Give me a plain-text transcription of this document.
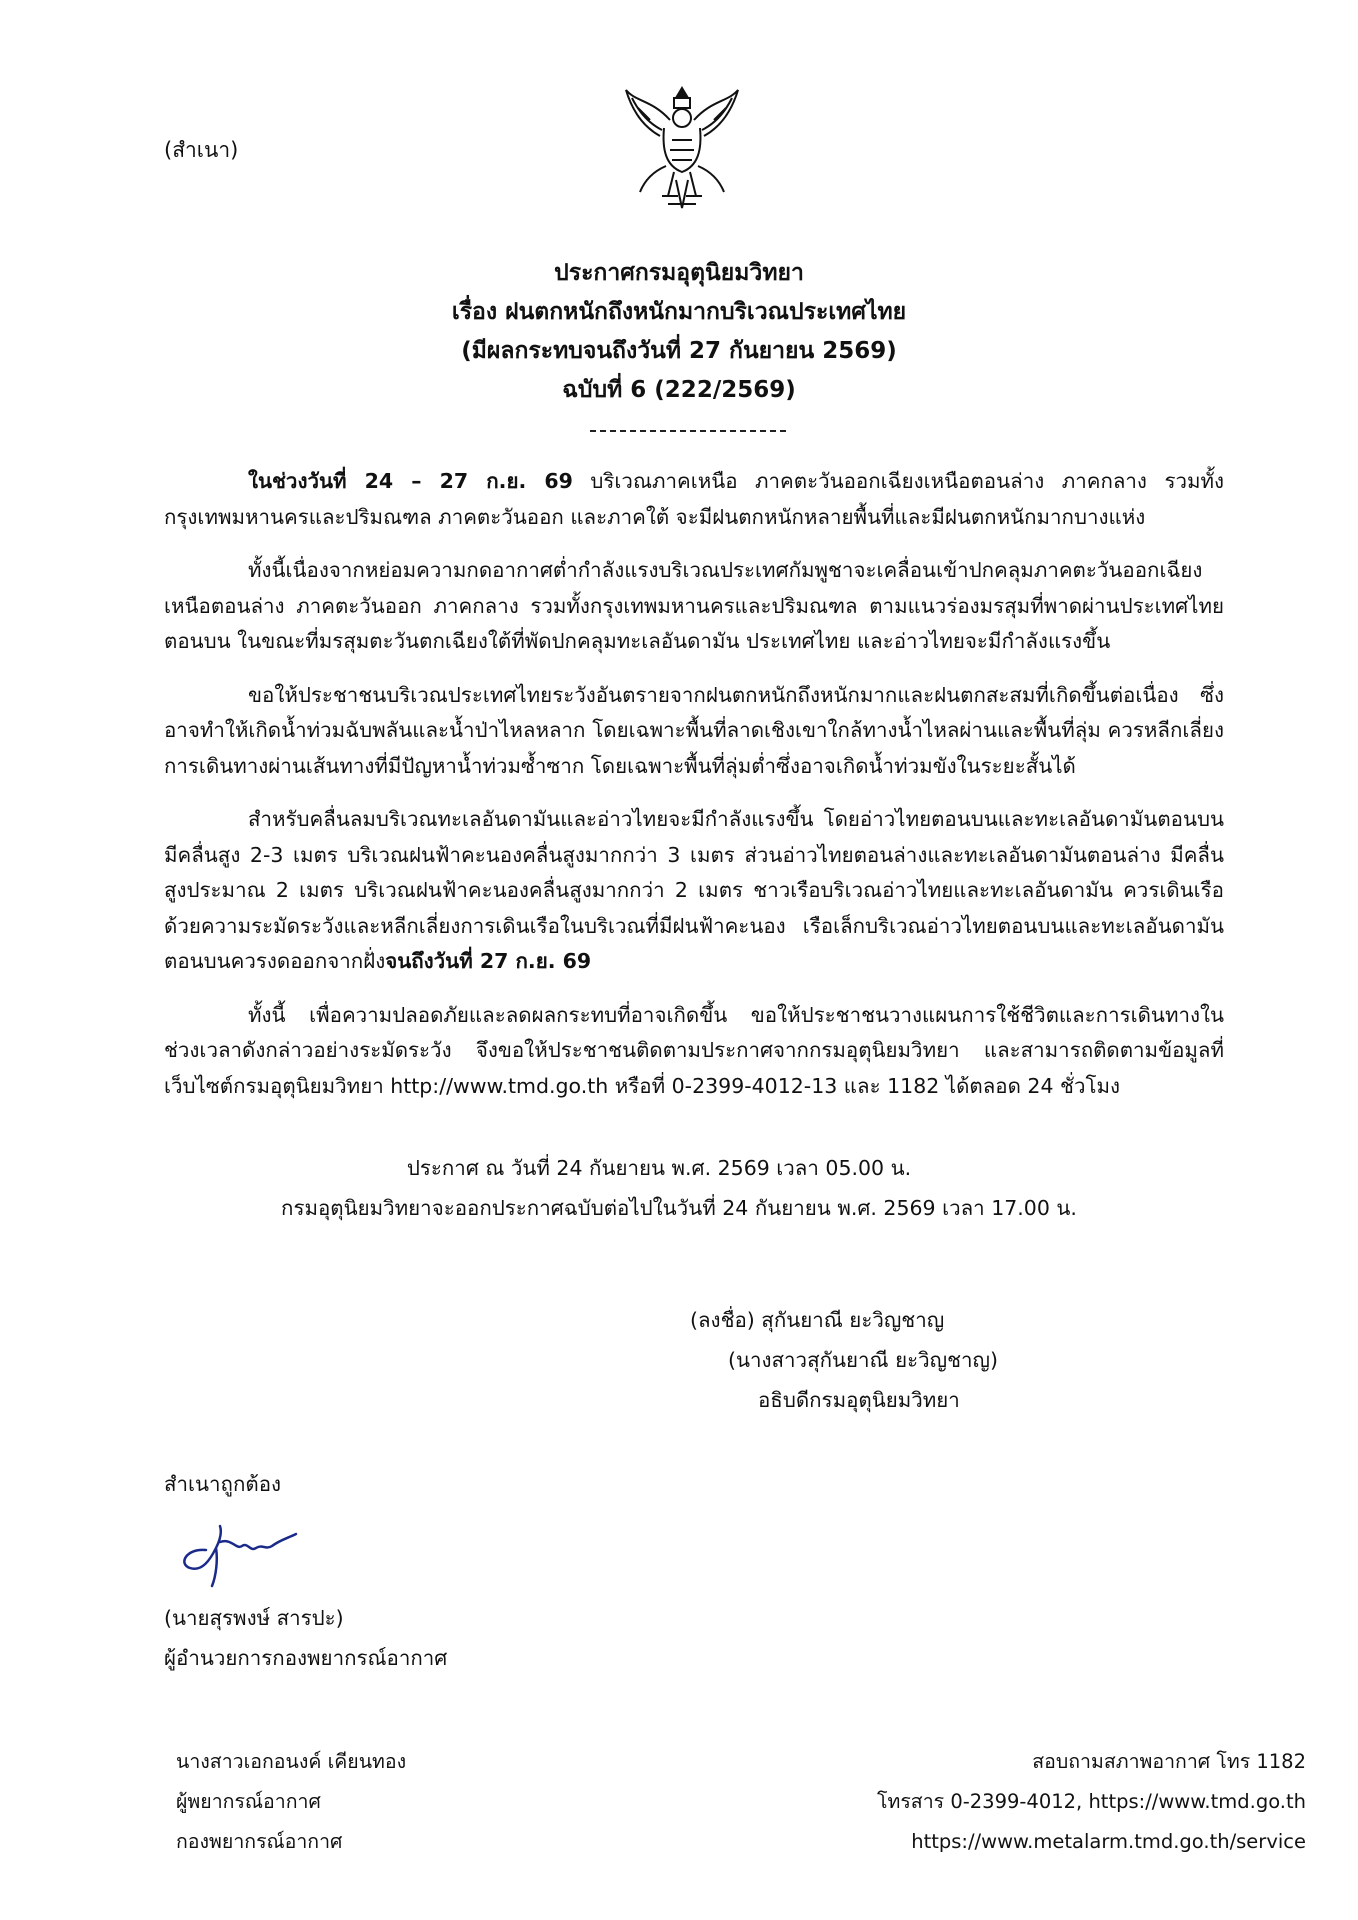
(สำเนา)
ประกาศกรมอุตุนิยมวิทยา
เรื่อง ฝนตกหนักถึงหนักมากบริเวณประเทศไทย
(มีผลกระทบจนถึงวันที่ 27 กันยายน 2569)
ฉบับที่ 6 (222/2569)

ในช่วงวันที่ 24 – 27 ก.ย. 69 บริเวณภาคเหนือ ภาคตะวันออกเฉียงเหนือตอนล่าง ภาคกลาง รวมทั้งกรุงเทพมหานครและปริมณฑล ภาคตะวันออก และภาคใต้ จะมีฝนตกหนักหลายพื้นที่และมีฝนตกหนักมากบางแห่ง

ทั้งนี้เนื่องจากหย่อมความกดอากาศต่ำกำลังแรงบริเวณประเทศกัมพูชาจะเคลื่อนเข้าปกคลุมภาคตะวันออกเฉียงเหนือตอนล่าง ภาคตะวันออก ภาคกลาง รวมทั้งกรุงเทพมหานครและปริมณฑล ตามแนวร่องมรสุมที่พาดผ่านประเทศไทยตอนบน ในขณะที่มรสุมตะวันตกเฉียงใต้ที่พัดปกคลุมทะเลอันดามัน ประเทศไทย และอ่าวไทยจะมีกำลังแรงขึ้น

ขอให้ประชาชนบริเวณประเทศไทยระวังอันตรายจากฝนตกหนักถึงหนักมากและฝนตกสะสมที่เกิดขึ้นต่อเนื่อง ซึ่งอาจทำให้เกิดน้ำท่วมฉับพลันและน้ำป่าไหลหลาก โดยเฉพาะพื้นที่ลาดเชิงเขาใกล้ทางน้ำไหลผ่านและพื้นที่ลุ่ม ควรหลีกเลี่ยงการเดินทางผ่านเส้นทางที่มีปัญหาน้ำท่วมซ้ำซาก โดยเฉพาะพื้นที่ลุ่มต่ำซึ่งอาจเกิดน้ำท่วมขังในระยะสั้นได้

สำหรับคลื่นลมบริเวณทะเลอันดามันและอ่าวไทยจะมีกำลังแรงขึ้น โดยอ่าวไทยตอนบนและทะเลอันดามันตอนบน มีคลื่นสูง 2-3 เมตร บริเวณฝนฟ้าคะนองคลื่นสูงมากกว่า 3 เมตร ส่วนอ่าวไทยตอนล่างและทะเลอันดามันตอนล่าง มีคลื่นสูงประมาณ 2 เมตร บริเวณฝนฟ้าคะนองคลื่นสูงมากกว่า 2 เมตร ชาวเรือบริเวณอ่าวไทยและทะเลอันดามัน ควรเดินเรือด้วยความระมัดระวังและหลีกเลี่ยงการเดินเรือในบริเวณที่มีฝนฟ้าคะนอง เรือเล็กบริเวณอ่าวไทยตอนบนและทะเลอันดามันตอนบนควรงดออกจากฝั่งจนถึงวันที่ 27 ก.ย. 69

ทั้งนี้ เพื่อความปลอดภัยและลดผลกระทบที่อาจเกิดขึ้น ขอให้ประชาชนวางแผนการใช้ชีวิตและการเดินทางในช่วงเวลาดังกล่าวอย่างระมัดระวัง จึงขอให้ประชาชนติดตามประกาศจากกรมอุตุนิยมวิทยา และสามารถติดตามข้อมูลที่เว็บไซต์กรมอุตุนิยมวิทยา http://www.tmd.go.th หรือที่ 0-2399-4012-13 และ 1182 ได้ตลอด 24 ชั่วโมง

ประกาศ ณ วันที่ 24 กันยายน พ.ศ. 2569 เวลา 05.00 น.
กรมอุตุนิยมวิทยาจะออกประกาศฉบับต่อไปในวันที่ 24 กันยายน พ.ศ. 2569 เวลา 17.00 น.
(ลงชื่อ) สุกันยาณี ยะวิญชาญ
(นางสาวสุกันยาณี ยะวิญชาญ)
อธิบดีกรมอุตุนิยมวิทยา
สำเนาถูกต้อง
(นายสุรพงษ์ สารปะ)
ผู้อำนวยการกองพยากรณ์อากาศ
นางสาวเอกอนงค์ เคียนทอง
ผู้พยากรณ์อากาศ
กองพยากรณ์อากาศ
สอบถามสภาพอากาศ โทร 1182
โทรสาร 0-2399-4012, https://www.tmd.go.th
https://www.metalarm.tmd.go.th/service
